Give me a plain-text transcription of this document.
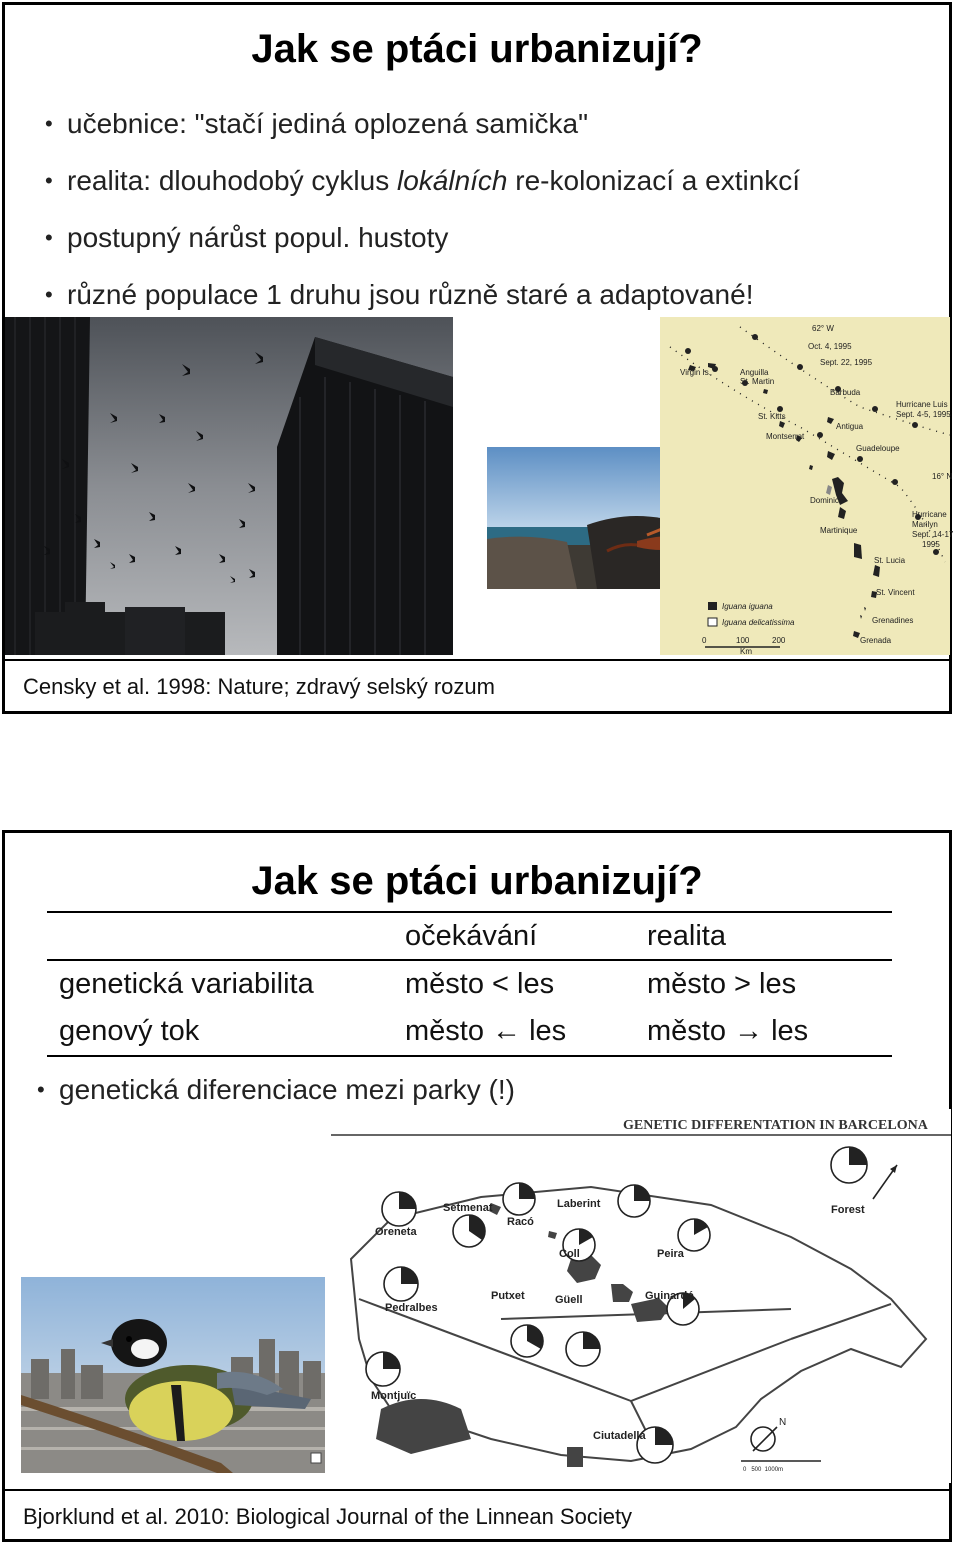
Jak se ptáci urbanizují?
• učebnice: "stačí jediná oplozená samička"
• realita: dlouhodobý cyklus lokálních re-kolonizací a extinkcí
• postupný nárůst popul. hustoty
• různé populace 1 druhu jsou různě staré a adaptované!
62° W
Oct. 4, 1995
Sept. 22, 1995
Virgin Is.	Anguilla
St. Martin
Barbuda
Hurricane Luis
Sept. 4-5, 1995
St. Kitts
Antigua
Montserrat
Guadeloupe
16° N
Dominica
Hurricane
Marilyn
Sept. 14-17
1995
Martinique
St. Lucia
St. Vincent
Grenadines
Grenada
Iguana iguana
Iguana delicatissima
0	100	200
Km
Censky et al. 1998: Nature; zdravý selský rozum
Jak se ptáci urbanizují?
	očekávání	realita
genetická variabilita	město < les	město > les
genový tok	město ← les	město → les
• genetická diferenciace mezi parky (!)
GENETIC DIFFERENTATION IN BARCELONA
Forest
Oreneta
Setmenat
Racó
Laberint
Coll	Peira
Pedralbes
Putxet	Güell	Guinardó
Montjuïc
Ciutadella
N
0   500  1000m
Bjorklund et al. 2010: Biological Journal of the Linnean Society
